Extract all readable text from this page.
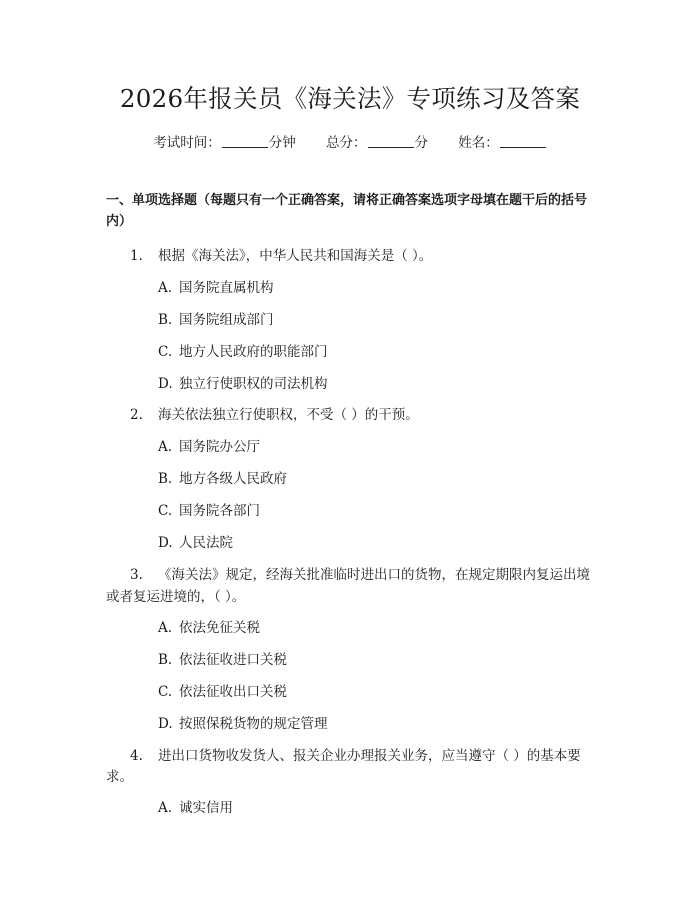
2026年报关员《海关法》专项练习及答案
考试时间：	分钟 总分：	分 姓名：
一、单项选择题（每题只有一个正确答案，请将正确答案选项字母填在题干后的括号内）
1. 根据《海关法》，中华人民共和国海关是（ ）。
A. 国务院直属机构
B. 国务院组成部门
C. 地方人民政府的职能部门
D. 独立行使职权的司法机构
2. 海关依法独立行使职权，不受（ ）的干预。
A. 国务院办公厅
B. 地方各级人民政府
C. 国务院各部门
D. 人民法院
3. 《海关法》规定，经海关批准临时进出口的货物，在规定期限内复运出境
或者复运进境的，（ ）。
A. 依法免征关税
B. 依法征收进口关税
C. 依法征收出口关税
D. 按照保税货物的规定管理
4. 进出口货物收发货人、报关企业办理报关业务，应当遵守（ ）的基本要
求。
A. 诚实信用
